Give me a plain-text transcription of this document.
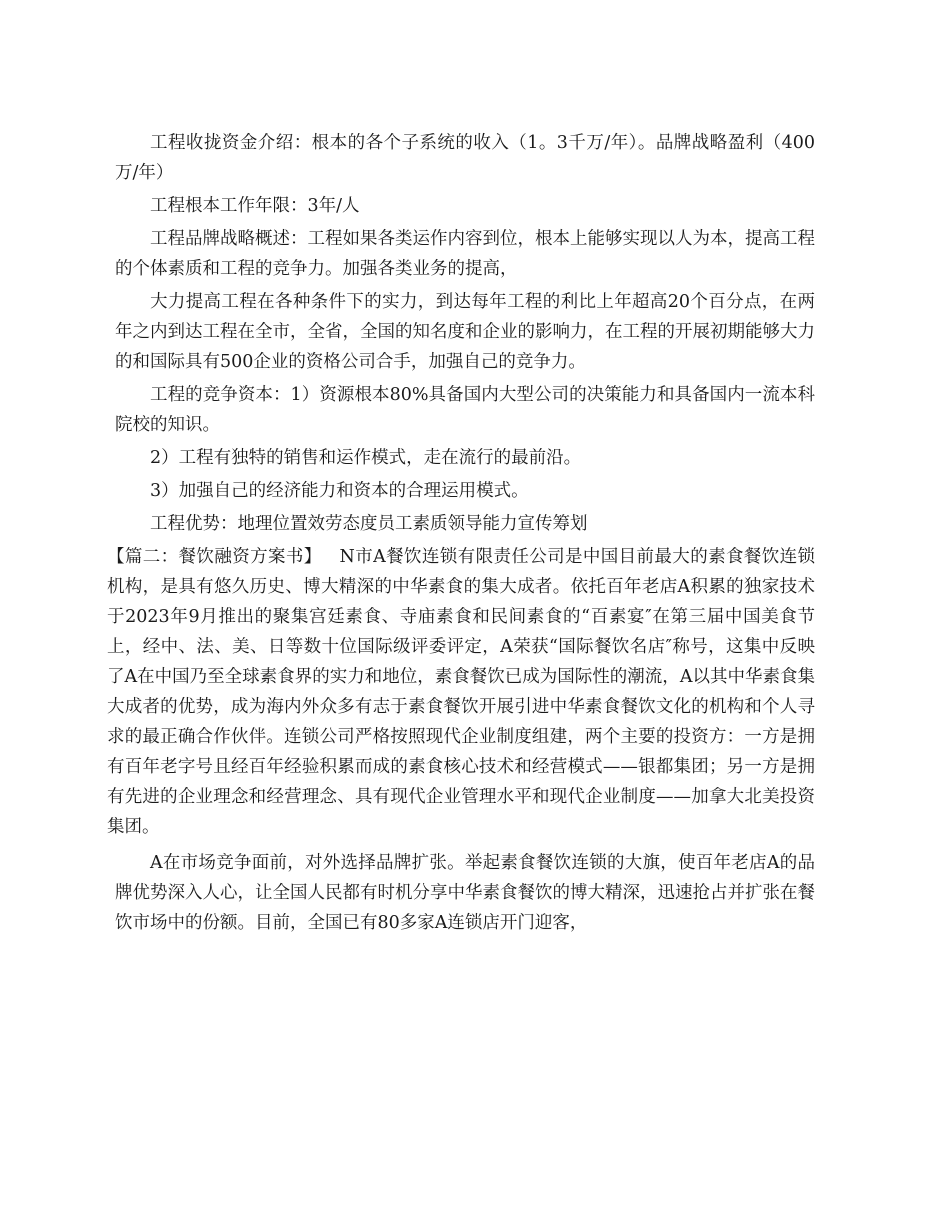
工程收拢资金介绍：根本的各个子系统的收入（1。3千万/年）。品牌战略盈利（400万/年）

工程根本工作年限：3年/人

工程品牌战略概述：工程如果各类运作内容到位，根本上能够实现以人为本，提高工程的个体素质和工程的竞争力。加强各类业务的提高，

大力提高工程在各种条件下的实力，到达每年工程的利比上年超高20个百分点，在两年之内到达工程在全市，全省，全国的知名度和企业的影响力，在工程的开展初期能够大力的和国际具有500企业的资格公司合手，加强自己的竞争力。

工程的竞争资本：1）资源根本80%具备国内大型公司的决策能力和具备国内一流本科院校的知识。

2）工程有独特的销售和运作模式，走在流行的最前沿。

3）加强自己的经济能力和资本的合理运用模式。

工程优势：地理位置效劳态度员工素质领导能力宣传筹划

【篇二：餐饮融资方案书】　  N市A餐饮连锁有限责任公司是中国目前最大的素食餐饮连锁机构，是具有悠久历史、博大精深的中华素食的集大成者。依托百年老店A积累的独家技术于2023年9月推出的聚集宫廷素食、寺庙素食和民间素食的“百素宴″在第三届中国美食节上，经中、法、美、日等数十位国际级评委评定，A荣获“国际餐饮名店″称号，这集中反映了A在中国乃至全球素食界的实力和地位，素食餐饮已成为国际性的潮流，A以其中华素食集大成者的优势，成为海内外众多有志于素食餐饮开展引进中华素食餐饮文化的机构和个人寻求的最正确合作伙伴。连锁公司严格按照现代企业制度组建，两个主要的投资方：一方是拥有百年老字号且经百年经验积累而成的素食核心技术和经营模式——银都集团；另一方是拥有先进的企业理念和经营理念、具有现代企业管理水平和现代企业制度——加拿大北美投资集团。

A在市场竞争面前，对外选择品牌扩张。举起素食餐饮连锁的大旗，使百年老店A的品牌优势深入人心，让全国人民都有时机分享中华素食餐饮的博大精深，迅速抢占并扩张在餐饮市场中的份额。目前，全国已有80多家A连锁店开门迎客，
